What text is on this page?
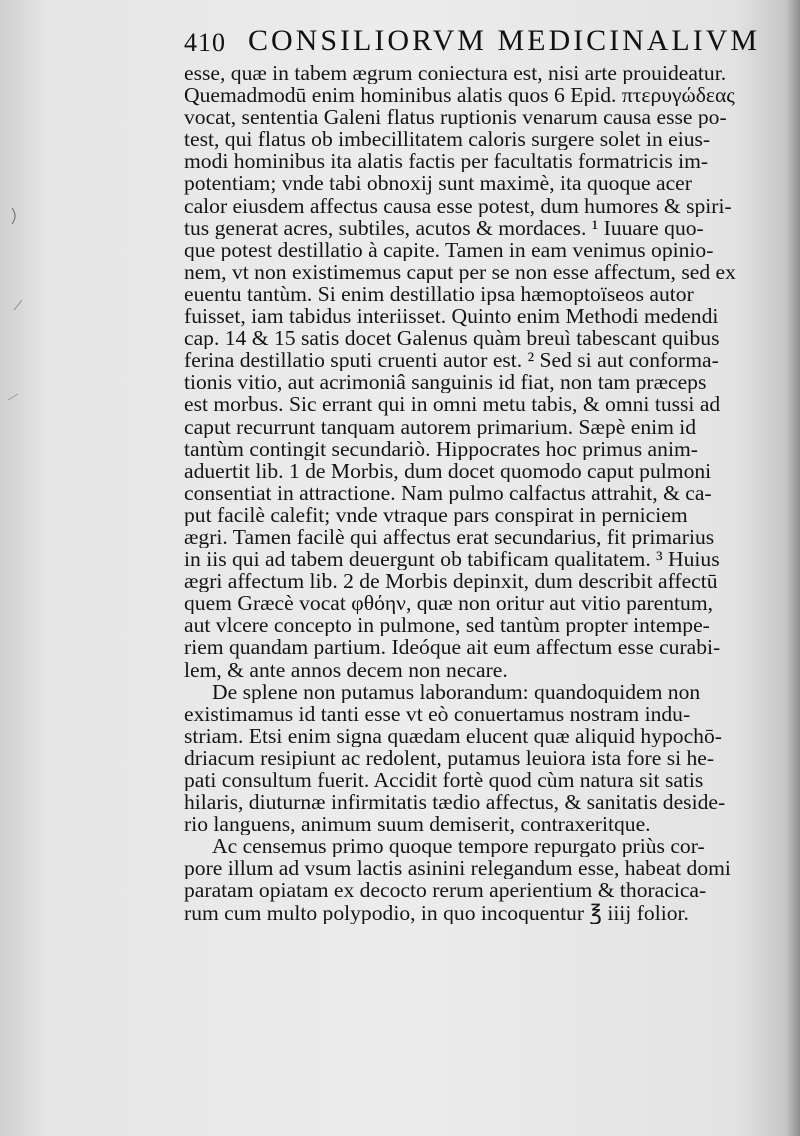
410 CONSILIORVM MEDICINALIVM
esse, quæ in tabem ægrum coniectura est, nisi arte prouideatur.
Quemadmodū enim hominibus alatis quos 6 Epid. πτερυγώδεας
vocat, sententia Galeni flatus ruptionis venarum causa esse po-
test, qui flatus ob imbecillitatem caloris surgere solet in eius-
modi hominibus ita alatis factis per facultatis formatricis im-
potentiam; vnde tabi obnoxij sunt maximè, ita quoque acer
calor eiusdem affectus causa esse potest, dum humores & spiri-
tus generat acres, subtiles, acutos & mordaces. ¹ Iuuare quo-
que potest destillatio à capite. Tamen in eam venimus opinio-
nem, vt non existimemus caput per se non esse affectum, sed ex
euentu tantùm. Si enim destillatio ipsa hæmoptoïseos autor
fuisset, iam tabidus interiisset. Quinto enim Methodi medendi
cap. 14 & 15 satis docet Galenus quàm breuì tabescant quibus
ferina destillatio sputi cruenti autor est. ² Sed si aut conforma-
tionis vitio, aut acrimoniâ sanguinis id fiat, non tam præceps
est morbus. Sic errant qui in omni metu tabis, & omni tussi ad
caput recurrunt tanquam autorem primarium. Sæpè enim id
tantùm contingit secundariò. Hippocrates hoc primus anim-
aduertit lib. 1 de Morbis, dum docet quomodo caput pulmoni
consentiat in attractione. Nam pulmo calfactus attrahit, & ca-
put facilè calefit; vnde vtraque pars conspirat in perniciem
ægri. Tamen facilè qui affectus erat secundarius, fit primarius
in iis qui ad tabem deuergunt ob tabificam qualitatem. ³ Huius
ægri affectum lib. 2 de Morbis depinxit, dum describit affectū
quem Græcè vocat φθόην, quæ non oritur aut vitio parentum,
aut vlcere concepto in pulmone, sed tantùm propter intempe-
riem quandam partium. Ideóque ait eum affectum esse curabi-
lem, & ante annos decem non necare.
De splene non putamus laborandum: quandoquidem non
existimamus id tanti esse vt eò conuertamus nostram indu-
striam. Etsi enim signa quædam elucent quæ aliquid hypochō-
driacum resipiunt ac redolent, putamus leuiora ista fore si he-
pati consultum fuerit. Accidit fortè quod cùm natura sit satis
hilaris, diuturnæ infirmitatis tædio affectus, & sanitatis deside-
rio languens, animum suum demiserit, contraxeritque.
Ac censemus primo quoque tempore repurgato priùs cor-
pore illum ad vsum lactis asinini relegandum esse, habeat domi
paratam opiatam ex decocto rerum aperientium & thoracica-
rum cum multo polypodio, in quo incoquentur ℥ iiij folior.
